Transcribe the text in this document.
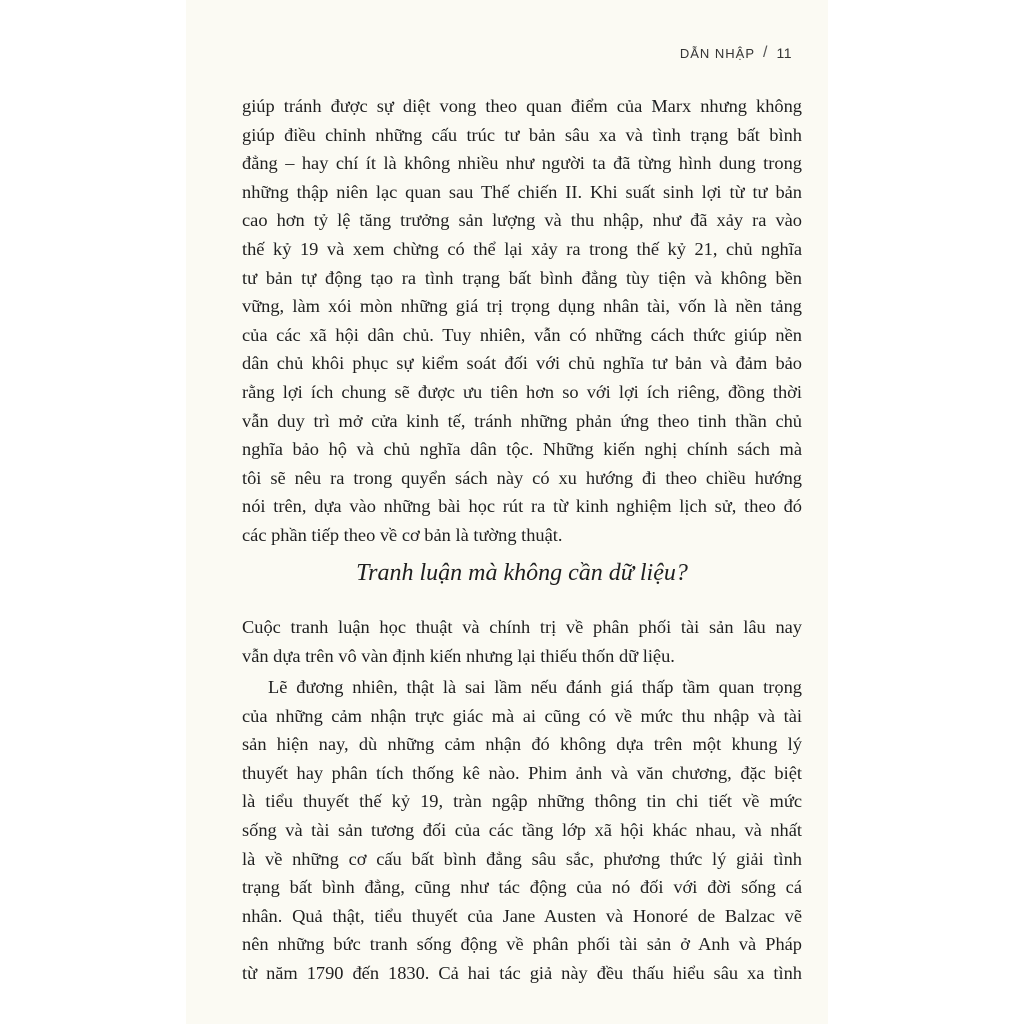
DẪN NHẬP / 11
giúp tránh được sự diệt vong theo quan điểm của Marx nhưng không
giúp điều chỉnh những cấu trúc tư bản sâu xa và tình trạng bất bình
đẳng – hay chí ít là không nhiều như người ta đã từng hình dung trong
những thập niên lạc quan sau Thế chiến II. Khi suất sinh lợi từ tư bản
cao hơn tỷ lệ tăng trưởng sản lượng và thu nhập, như đã xảy ra vào
thế kỷ 19 và xem chừng có thể lại xảy ra trong thế kỷ 21, chủ nghĩa
tư bản tự động tạo ra tình trạng bất bình đẳng tùy tiện và không bền
vững, làm xói mòn những giá trị trọng dụng nhân tài, vốn là nền tảng
của các xã hội dân chủ. Tuy nhiên, vẫn có những cách thức giúp nền
dân chủ khôi phục sự kiểm soát đối với chủ nghĩa tư bản và đảm bảo
rằng lợi ích chung sẽ được ưu tiên hơn so với lợi ích riêng, đồng thời
vẫn duy trì mở cửa kinh tế, tránh những phản ứng theo tinh thần chủ
nghĩa bảo hộ và chủ nghĩa dân tộc. Những kiến nghị chính sách mà
tôi sẽ nêu ra trong quyển sách này có xu hướng đi theo chiều hướng
nói trên, dựa vào những bài học rút ra từ kinh nghiệm lịch sử, theo đó
các phần tiếp theo về cơ bản là tường thuật.
Tranh luận mà không cần dữ liệu?
Cuộc tranh luận học thuật và chính trị về phân phối tài sản lâu nay
vẫn dựa trên vô vàn định kiến nhưng lại thiếu thốn dữ liệu.
Lẽ đương nhiên, thật là sai lầm nếu đánh giá thấp tầm quan trọng
của những cảm nhận trực giác mà ai cũng có về mức thu nhập và tài
sản hiện nay, dù những cảm nhận đó không dựa trên một khung lý
thuyết hay phân tích thống kê nào. Phim ảnh và văn chương, đặc biệt
là tiểu thuyết thế kỷ 19, tràn ngập những thông tin chi tiết về mức
sống và tài sản tương đối của các tầng lớp xã hội khác nhau, và nhất
là về những cơ cấu bất bình đẳng sâu sắc, phương thức lý giải tình
trạng bất bình đẳng, cũng như tác động của nó đối với đời sống cá
nhân. Quả thật, tiểu thuyết của Jane Austen và Honoré de Balzac vẽ
nên những bức tranh sống động về phân phối tài sản ở Anh và Pháp
từ năm 1790 đến 1830. Cả hai tác giả này đều thấu hiểu sâu xa tình
